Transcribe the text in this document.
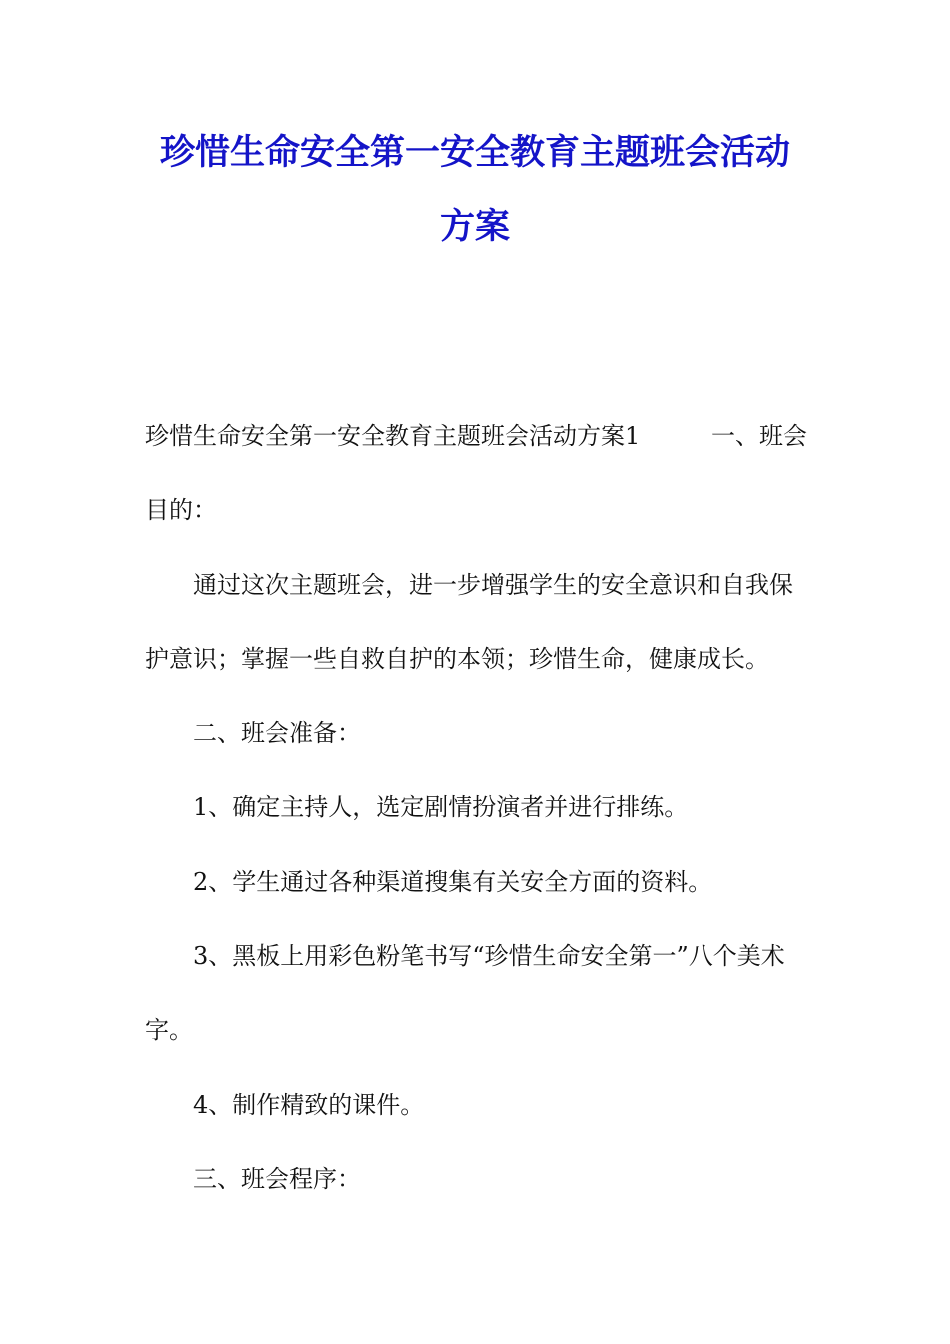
珍惜生命安全第一安全教育主题班会活动
方案
珍惜生命安全第一安全教育主题班会活动方案1	一、班会
目的：
通过这次主题班会，进一步增强学生的安全意识和自我保
护意识；掌握一些自救自护的本领；珍惜生命，健康成长。
二、班会准备：
1、确定主持人，选定剧情扮演者并进行排练。
2、学生通过各种渠道搜集有关安全方面的资料。
3、黑板上用彩色粉笔书写“珍惜生命安全第一”八个美术
字。
4、制作精致的课件。
三、班会程序：
